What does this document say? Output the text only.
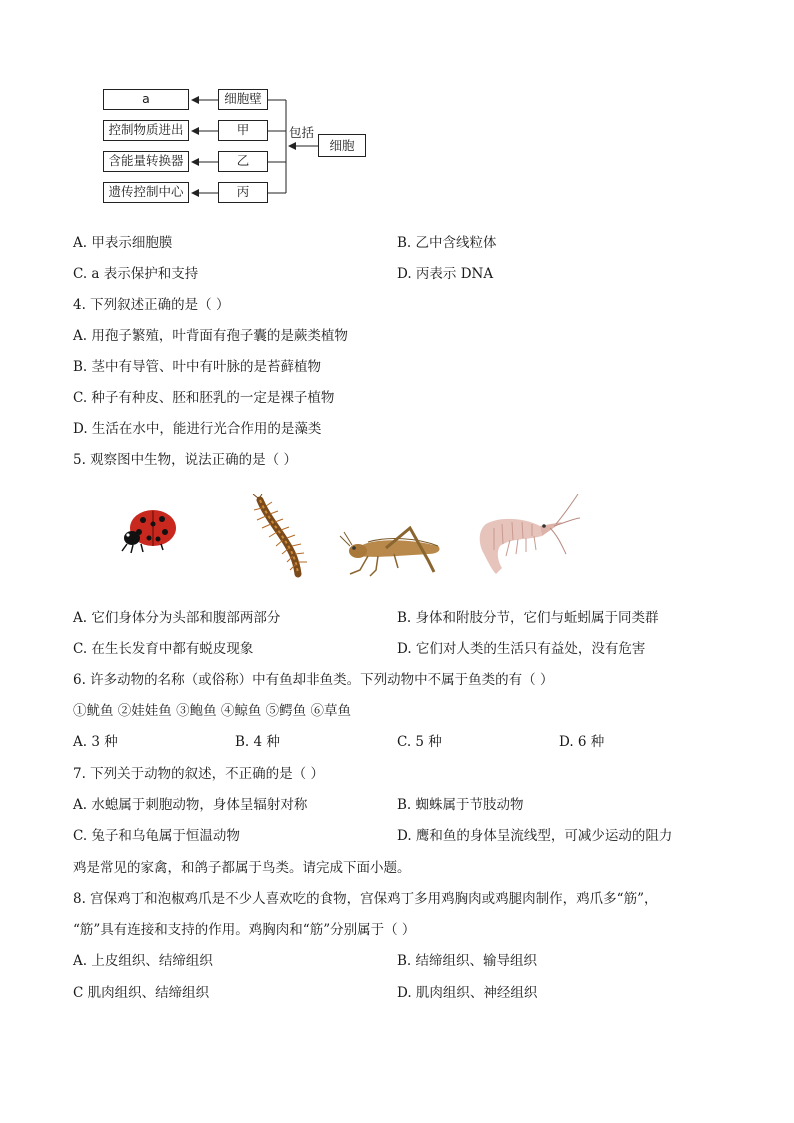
a
控制物质进出
含能量转换器
遗传控制中心
细胞壁
甲
乙
丙
包括
细胞
A. 甲表示细胞膜	B. 乙中含线粒体
C. a 表示保护和支持	D. 丙表示 DNA
4. 下列叙述正确的是（ ）
A. 用孢子繁殖，叶背面有孢子囊的是蕨类植物
B. 茎中有导管、叶中有叶脉的是苔藓植物
C. 种子有种皮、胚和胚乳的一定是裸子植物
D. 生活在水中，能进行光合作用的是藻类
5. 观察图中生物，说法正确的是（ ）
A. 它们身体分为头部和腹部两部分	B. 身体和附肢分节，它们与蚯蚓属于同类群
C. 在生长发育中都有蜕皮现象	D. 它们对人类的生活只有益处，没有危害
6. 许多动物的名称（或俗称）中有鱼却非鱼类。下列动物中不属于鱼类的有（ ）
①鱿鱼 ②娃娃鱼 ③鲍鱼 ④鲸鱼 ⑤鳄鱼 ⑥草鱼
A. 3 种	B. 4 种	C. 5 种	D. 6 种
7. 下列关于动物的叙述，不正确的是（ ）
A. 水螅属于刺胞动物，身体呈辐射对称	B. 蜘蛛属于节肢动物
C. 兔子和乌龟属于恒温动物	D. 鹰和鱼的身体呈流线型，可减少运动的阻力
鸡是常见的家禽，和鸽子都属于鸟类。请完成下面小题。
8. 宫保鸡丁和泡椒鸡爪是不少人喜欢吃的食物，宫保鸡丁多用鸡胸肉或鸡腿肉制作，鸡爪多“筋”，
“筋”具有连接和支持的作用。鸡胸肉和“筋”分别属于（ ）
A. 上皮组织、结缔组织	B. 结缔组织、输导组织
C 肌肉组织、结缔组织	D. 肌肉组织、神经组织
